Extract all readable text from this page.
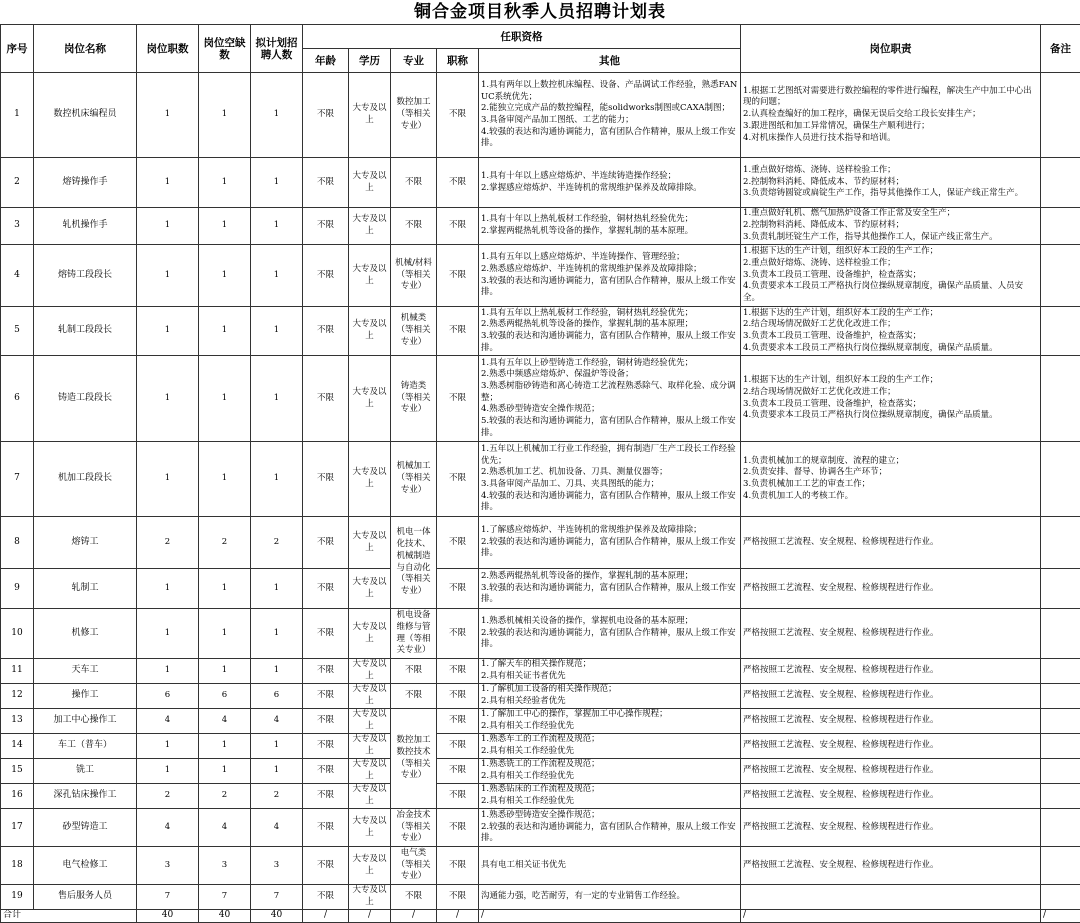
铜合金项目秋季人员招聘计划表
序号	岗位名称	岗位职数	岗位空缺数	拟计划招聘人数	任职资格					岗位职责	备注
					年龄	学历	专业	职称	其他		
1	数控机床编程员	1	1	1	不限	大专及以上	数控加工（等相关专业）	不限	1.具有两年以上数控机床编程、设备、产品调试工作经验，熟悉FANUC系统优先；
2.能独立完成产品的数控编程，能solidworks制图或CAXA制图；
3.具备审阅产品加工图纸、工艺的能力；
4.较强的表达和沟通协调能力，富有团队合作精神，服从上级工作安排。	1.根据工艺图纸对需要进行数控编程的零件进行编程，解决生产中加工中心出现的问题；
2.认真检查编好的加工程序，确保无误后交给工段长安排生产；
3.跟进图纸和加工异常情况，确保生产顺利进行；
4.对机床操作人员进行技术指导和培训。	
2	熔铸操作手	1	1	1	不限	大专及以上	不限	不限	1.具有十年以上感应熔炼炉、半连续铸造操作经验；
2.掌握感应熔炼炉、半连铸机的常规维护保养及故障排除。	1.重点做好熔炼、浇铸、送样检验工作；
2.控制物料消耗、降低成本、节约原材料；
3.负责熔铸圆锭或扁锭生产工作，指导其他操作工人，保证产线正常生产。	
3	轧机操作手	1	1	1	不限	大专及以上	不限	不限	1.具有十年以上热轧板材工作经验，铜材热轧经验优先；
2.掌握两辊热轧机等设备的操作，掌握轧制的基本原理。	1.重点做好轧机、燃气加热炉设备工作正常及安全生产；
2.控制物料消耗、降低成本、节约原材料；
3.负责轧制坯锭生产工作，指导其他操作工人，保证产线正常生产。	
4	熔铸工段段长	1	1	1	不限	大专及以上	机械/材料（等相关专业）	不限	1.具有五年以上感应熔炼炉、半连铸操作、管理经验；
2.熟悉感应熔炼炉、半连铸机的常规维护保养及故障排除；
3.较强的表达和沟通协调能力，富有团队合作精神，服从上级工作安排。	1.根据下达的生产计划，组织好本工段的生产工作；
2.重点做好熔炼、浇铸、送样检验工作；
3.负责本工段员工管理、设备维护，检查落实；
4.负责要求本工段员工严格执行岗位操纵规章制度，确保产品质量、人员安全。	
5	轧制工段段长	1	1	1	不限	大专及以上	机械类（等相关专业）	不限	1.具有五年以上热轧板材工作经验，铜材热轧经验优先；
2.熟悉两辊热轧机等设备的操作，掌握轧制的基本原理；
3.较强的表达和沟通协调能力，富有团队合作精神，服从上级工作安排。	1.根据下达的生产计划，组织好本工段的生产工作；
2.结合现场情况做好工艺优化改进工作；
3.负责本工段员工管理、设备维护，检查落实；
4.负责要求本工段员工严格执行岗位操纵规章制度，确保产品质量。	
6	铸造工段段长	1	1	1	不限	大专及以上	铸造类（等相关专业）	不限	1.具有五年以上砂型铸造工作经验，铜材铸造经验优先；
2.熟悉中频感应熔炼炉、保温炉等设备；
3.熟悉树脂砂铸造和离心铸造工艺流程熟悉除气、取样化验、成分调整；
4.熟悉砂型铸造安全操作规范；
5.较强的表达和沟通协调能力，富有团队合作精神，服从上级工作安排。	1.根据下达的生产计划，组织好本工段的生产工作；
2.结合现场情况做好工艺优化改进工作；
3.负责本工段员工管理、设备维护，检查落实；
4.负责要求本工段员工严格执行岗位操纵规章制度，确保产品质量。	
7	机加工段段长	1	1	1	不限	大专及以上	机械加工（等相关专业）	不限	1.五年以上机械加工行业工作经验，拥有制造厂生产工段长工作经验优先；
2.熟悉机加工艺、机加设备、刀具、测量仪器等；
3.具备审阅产品加工、刀具、夹具图纸的能力；
4.较强的表达和沟通协调能力，富有团队合作精神，服从上级工作安排。	1.负责机械加工的规章制度、流程的建立；
2.负责安排、督导、协调各生产环节；
3.负责机械加工工艺的审查工作；
4.负责机加工人的考核工作。	
8	熔铸工	2	2	2	不限	大专及以上	机电一体化技术、机械制造与自动化（等相关专业）	不限	1.了解感应熔炼炉、半连铸机的常规维护保养及故障排除；
2.较强的表达和沟通协调能力，富有团队合作精神，服从上级工作安排。	严格按照工艺流程、安全规程、检修规程进行作业。	
9	轧制工	1	1	1	不限	大专及以上		不限	2.熟悉两辊热轧机等设备的操作，掌握轧制的基本原理；
3.较强的表达和沟通协调能力，富有团队合作精神，服从上级工作安排。	严格按照工艺流程、安全规程、检修规程进行作业。	
10	机修工	1	1	1	不限	大专及以上	机电设备维修与管理（等相关专业）	不限	1.熟悉机械相关设备的操作，掌握机电设备的基本原理；
2.较强的表达和沟通协调能力，富有团队合作精神，服从上级工作安排。	严格按照工艺流程、安全规程、检修规程进行作业。	
11	天车工	1	1	1	不限	大专及以上	不限	不限	1.了解天车的相关操作规范；
2.具有相关证书者优先	严格按照工艺流程、安全规程、检修规程进行作业。	
12	操作工	6	6	6	不限	大专及以上	不限	不限	1.了解机加工设备的相关操作规范；
2.具有相关经验者优先	严格按照工艺流程、安全规程、检修规程进行作业。	
13	加工中心操作工	4	4	4	不限	大专及以上	数控加工数控技术（等相关专业）	不限	1.了解加工中心的操作，掌握加工中心操作规程；
2.具有相关工作经验优先	严格按照工艺流程、安全规程、检修规程进行作业。	
14	车工（普车）	1	1	1	不限	大专及以上		不限	1.熟悉车工的工作流程及规范；
2.具有相关工作经验优先	严格按照工艺流程、安全规程、检修规程进行作业。	
15	铣工	1	1	1	不限	大专及以上		不限	1.熟悉铣工的工作流程及规范；
2.具有相关工作经验优先	严格按照工艺流程、安全规程、检修规程进行作业。	
16	深孔钻床操作工	2	2	2	不限	大专及以上		不限	1.熟悉钻床的工作流程及规范；
2.具有相关工作经验优先	严格按照工艺流程、安全规程、检修规程进行作业。	
17	砂型铸造工	4	4	4	不限	大专及以上	冶金技术（等相关专业）	不限	1.熟悉砂型铸造安全操作规范；
2.较强的表达和沟通协调能力，富有团队合作精神，服从上级工作安排。	严格按照工艺流程、安全规程、检修规程进行作业。	
18	电气检修工	3	3	3	不限	大专及以上	电气类（等相关专业）	不限	具有电工相关证书优先	严格按照工艺流程、安全规程、检修规程进行作业。	
19	售后服务人员	7	7	7	不限	大专及以上	不限	不限	沟通能力强，吃苦耐劳，有一定的专业销售工作经验。		
合计		40	40	40	/	/	/	/	/	/	/
